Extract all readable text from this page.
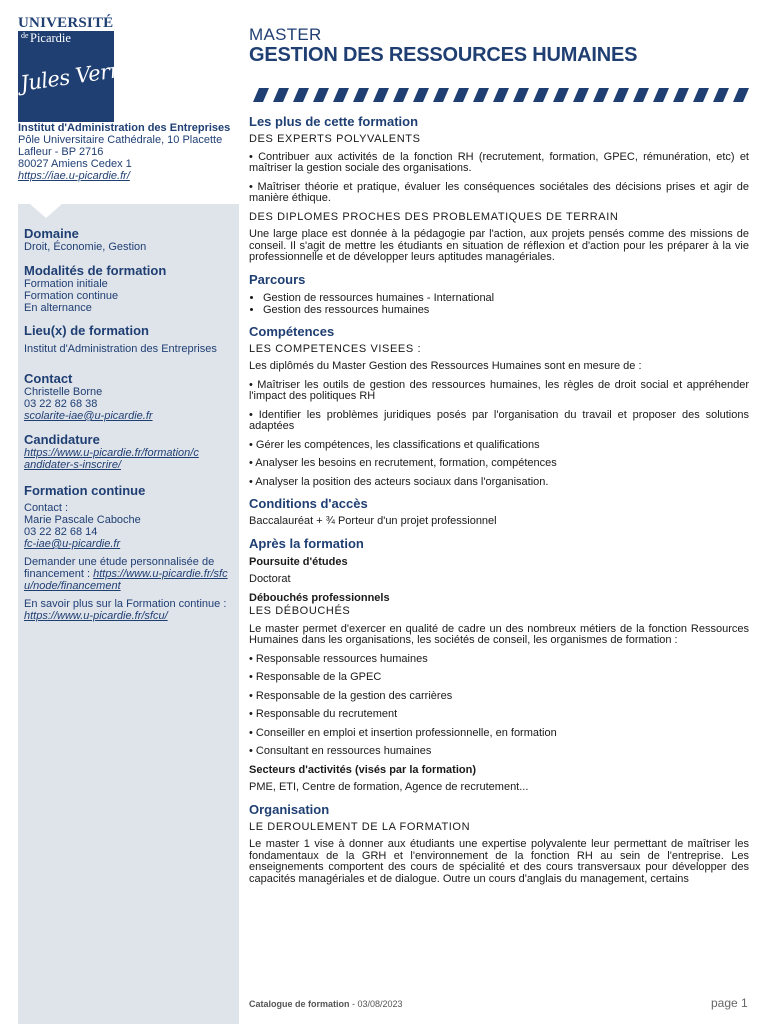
UNIVERSITÉ
de Picardie
Jules Verne
Institut d'Administration des Entreprises
Pôle Universitaire Cathédrale, 10 Placette
Lafleur - BP 2716
80027 Amiens Cedex 1
https://iae.u-picardie.fr/
Domaine
Droit, Économie, Gestion
Modalités de formation
Formation initiale
Formation continue
En alternance
Lieu(x) de formation
Institut d'Administration des Entreprises
Contact
Christelle Borne
03 22 82 68 38
scolarite-iae@u-picardie.fr
Candidature
https://www.u-picardie.fr/formation/candidater-s-inscrire/
Formation continue
Contact :
Marie Pascale Caboche
03 22 82 68 14
fc-iae@u-picardie.fr
Demander une étude personnalisée de financement : https://www.u-picardie.fr/sfcu/node/financement
En savoir plus sur la Formation continue : https://www.u-picardie.fr/sfcu/
MASTER
GESTION DES RESSOURCES HUMAINES
Les plus de cette formation
DES EXPERTS POLYVALENTS
• Contribuer aux activités de la fonction RH (recrutement, formation, GPEC, rémunération, etc) et maîtriser la gestion sociale des organisations.
• Maîtriser théorie et pratique, évaluer les conséquences sociétales des décisions prises et agir de manière éthique.
DES DIPLOMES PROCHES DES PROBLEMATIQUES DE TERRAIN
Une large place est donnée à la pédagogie par l'action, aux projets pensés comme des missions de conseil. Il s'agit de mettre les étudiants en situation de réflexion et d'action pour les préparer à la vie professionnelle et de développer leurs aptitudes managériales.
Parcours
• Gestion de ressources humaines - International
• Gestion des ressources humaines
Compétences
LES COMPETENCES VISEES :
Les diplômés du Master Gestion des Ressources Humaines sont en mesure de :
• Maîtriser les outils de gestion des ressources humaines, les règles de droit social et appréhender l'impact des politiques RH
• Identifier les problèmes juridiques posés par l'organisation du travail et proposer des solutions adaptées
• Gérer les compétences, les classifications et qualifications
• Analyser les besoins en recrutement, formation, compétences
• Analyser la position des acteurs sociaux dans l'organisation.
Conditions d'accès
Baccalauréat + ¾ Porteur d'un projet professionnel
Après la formation
Poursuite d'études
Doctorat
Débouchés professionnels
LES DÉBOUCHÉS
Le master permet d'exercer en qualité de cadre un des nombreux métiers de la fonction Ressources Humaines dans les organisations, les sociétés de conseil, les organismes de formation :
• Responsable ressources humaines
• Responsable de la GPEC
• Responsable de la gestion des carrières
• Responsable du recrutement
• Conseiller en emploi et insertion professionnelle, en formation
• Consultant en ressources humaines
Secteurs d'activités (visés par la formation)
PME, ETI, Centre de formation, Agence de recrutement...
Organisation
LE DEROULEMENT DE LA FORMATION
Le master 1 vise à donner aux étudiants une expertise polyvalente leur permettant de maîtriser les fondamentaux de la GRH et l'environnement de la fonction RH au sein de l'entreprise. Les enseignements comportent des cours de spécialité et des cours transversaux pour développer des capacités managériales et de dialogue. Outre un cours d'anglais du management, certains
Catalogue de formation - 03/08/2023	page 1
